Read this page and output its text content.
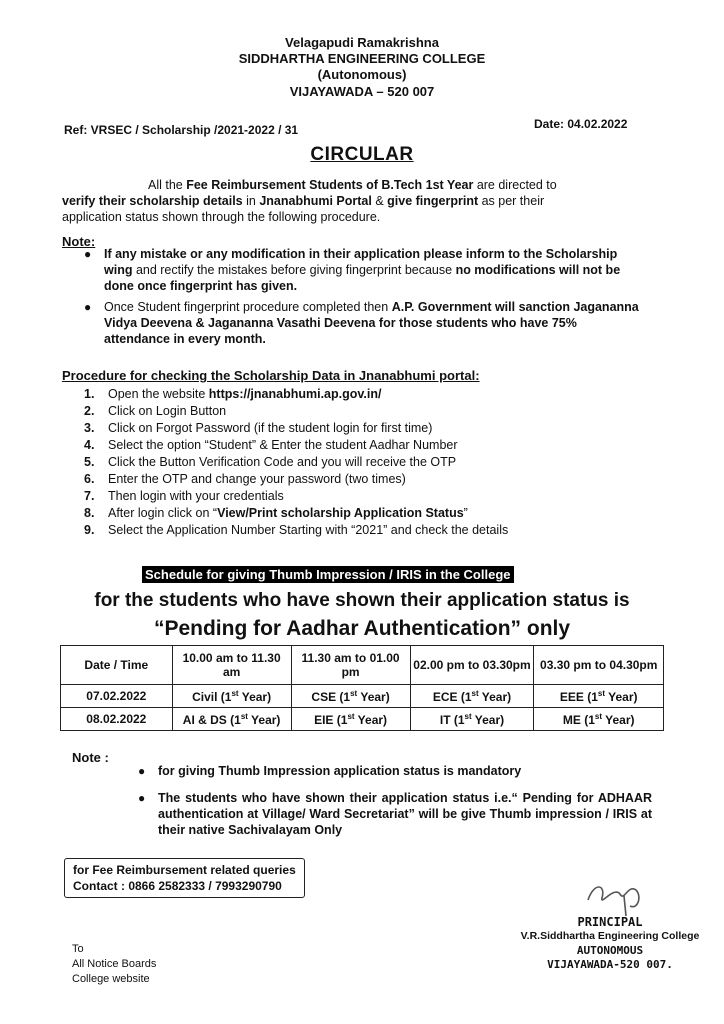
Velagapudi Ramakrishna
SIDDHARTHA ENGINEERING COLLEGE
(Autonomous)
VIJAYAWADA – 520 007
Ref: VRSEC / Scholarship /2021-2022 / 31	Date: 04.02.2022
CIRCULAR
All the Fee Reimbursement Students of B.Tech 1st Year are directed to
verify their scholarship details in Jnanabhumi Portal & give fingerprint as per their
application status shown through the following procedure.
Note:
● If any mistake or any modification in their application please inform to the Scholarship wing and rectify the mistakes before giving fingerprint because no modifications will not be done once fingerprint has given.
● Once Student fingerprint procedure completed then A.P. Government will sanction Jagananna Vidya Deevena & Jagananna Vasathi Deevena for those students who have 75% attendance in every month.
Procedure for checking the Scholarship Data in Jnanabhumi portal:
1. Open the website https://jnanabhumi.ap.gov.in/
2. Click on Login Button
3. Click on Forgot Password (if the student login for first time)
4. Select the option “Student” & Enter the student Aadhar Number
5. Click the Button Verification Code and you will receive the OTP
6. Enter the OTP and change your password (two times)
7. Then login with your credentials
8. After login click on “View/Print scholarship Application Status”
9. Select the Application Number Starting with “2021” and check the details
Schedule for giving Thumb Impression / IRIS in the College
for the students who have shown their application status is
“Pending for Aadhar Authentication” only
Date / Time	10.00 am to 11.30 am	11.30 am to 01.00 pm	02.00 pm to 03.30pm	03.30 pm to 04.30pm
07.02.2022	Civil (1st Year)	CSE (1st Year)	ECE (1st Year)	EEE (1st Year)
08.02.2022	AI & DS (1st Year)	EIE (1st Year)	IT (1st Year)	ME (1st Year)
Note :
● for giving Thumb Impression application status is mandatory
● The students who have shown their application status i.e.“ Pending for ADHAAR authentication at Village/ Ward Secretariat” will be give Thumb impression / IRIS at their native Sachivalayam Only
for Fee Reimbursement related queries
Contact : 0866 2582333 / 7993290790
PRINCIPAL
V.R.Siddhartha Engineering College
AUTONOMOUS
VIJAYAWADA-520 007.
To
All Notice Boards
College website
